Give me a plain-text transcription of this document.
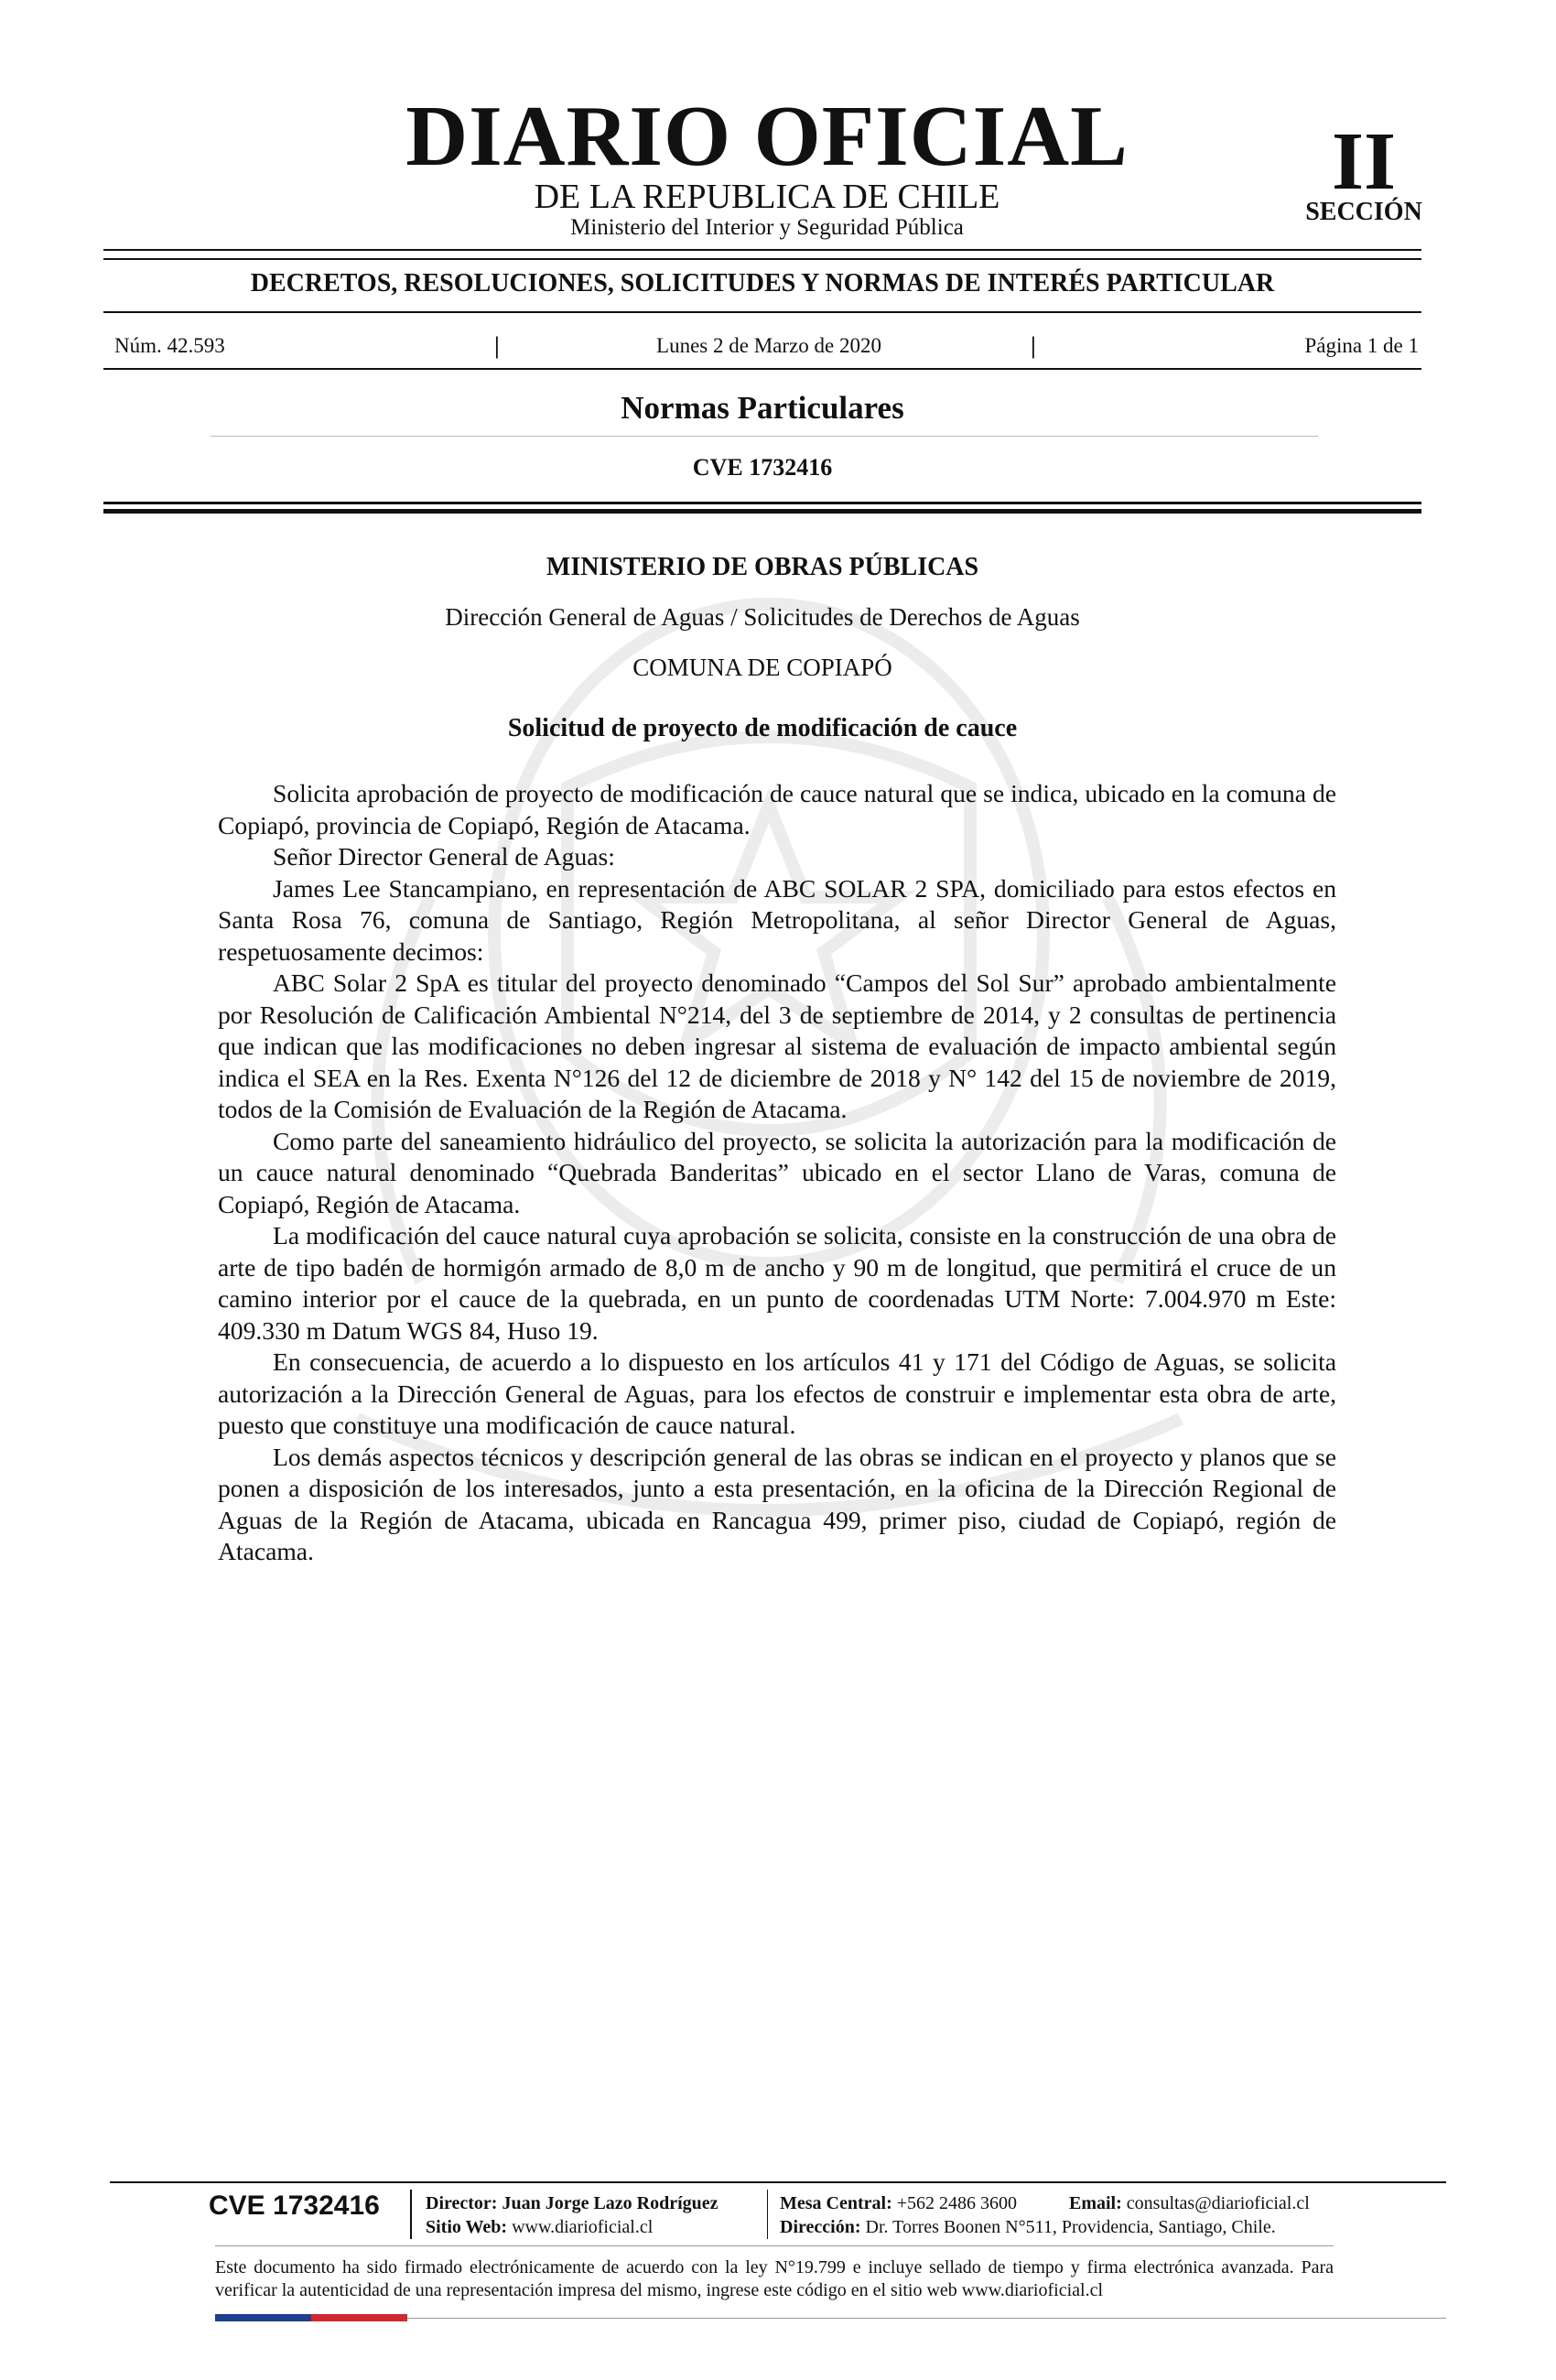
DIARIO OFICIAL
DE LA REPUBLICA DE CHILE
Ministerio del Interior y Seguridad Pública
II
SECCIÓN
DECRETOS, RESOLUCIONES, SOLICITUDES Y NORMAS DE INTERÉS PARTICULAR
Núm. 42.593	|	Lunes 2 de Marzo de 2020	|	Página 1 de 1
Normas Particulares
CVE 1732416
MINISTERIO DE OBRAS PÚBLICAS
Dirección General de Aguas / Solicitudes de Derechos de Aguas
COMUNA DE COPIAPÓ
Solicitud de proyecto de modificación de cauce

Solicita aprobación de proyecto de modificación de cauce natural que se indica, ubicado en la comuna de Copiapó, provincia de Copiapó, Región de Atacama.

Señor Director General de Aguas:

James Lee Stancampiano, en representación de ABC SOLAR 2 SPA, domiciliado para estos efectos en Santa Rosa 76, comuna de Santiago, Región Metropolitana, al señor Director General de Aguas, respetuosamente decimos:

ABC Solar 2 SpA es titular del proyecto denominado “Campos del Sol Sur” aprobado ambientalmente por Resolución de Calificación Ambiental N°214, del 3 de septiembre de 2014, y 2 consultas de pertinencia que indican que las modificaciones no deben ingresar al sistema de evaluación de impacto ambiental según indica el SEA en la Res. Exenta N°126 del 12 de diciembre de 2018 y N° 142 del 15 de noviembre de 2019, todos de la Comisión de Evaluación de la Región de Atacama.

Como parte del saneamiento hidráulico del proyecto, se solicita la autorización para la modificación de un cauce natural denominado “Quebrada Banderitas” ubicado en el sector Llano de Varas, comuna de Copiapó, Región de Atacama.

La modificación del cauce natural cuya aprobación se solicita, consiste en la construcción de una obra de arte de tipo badén de hormigón armado de 8,0 m de ancho y 90 m de longitud, que permitirá el cruce de un camino interior por el cauce de la quebrada, en un punto de coordenadas UTM Norte: 7.004.970 m Este: 409.330 m Datum WGS 84, Huso 19.

En consecuencia, de acuerdo a lo dispuesto en los artículos 41 y 171 del Código de Aguas, se solicita autorización a la Dirección General de Aguas, para los efectos de construir e implementar esta obra de arte, puesto que constituye una modificación de cauce natural.

Los demás aspectos técnicos y descripción general de las obras se indican en el proyecto y planos que se ponen a disposición de los interesados, junto a esta presentación, en la oficina de la Dirección Regional de Aguas de la Región de Atacama, ubicada en Rancagua 499, primer piso, ciudad de Copiapó, región de Atacama.

CVE 1732416	Director: Juan Jorge Lazo Rodríguez
Sitio Web: www.diarioficial.cl
Mesa Central: +562 2486 3600	Email: consultas@diarioficial.cl
Dirección: Dr. Torres Boonen N°511, Providencia, Santiago, Chile.
Este documento ha sido firmado electrónicamente de acuerdo con la ley N°19.799 e incluye sellado de tiempo y firma electrónica avanzada. Para verificar la autenticidad de una representación impresa del mismo, ingrese este código en el sitio web www.diarioficial.cl
